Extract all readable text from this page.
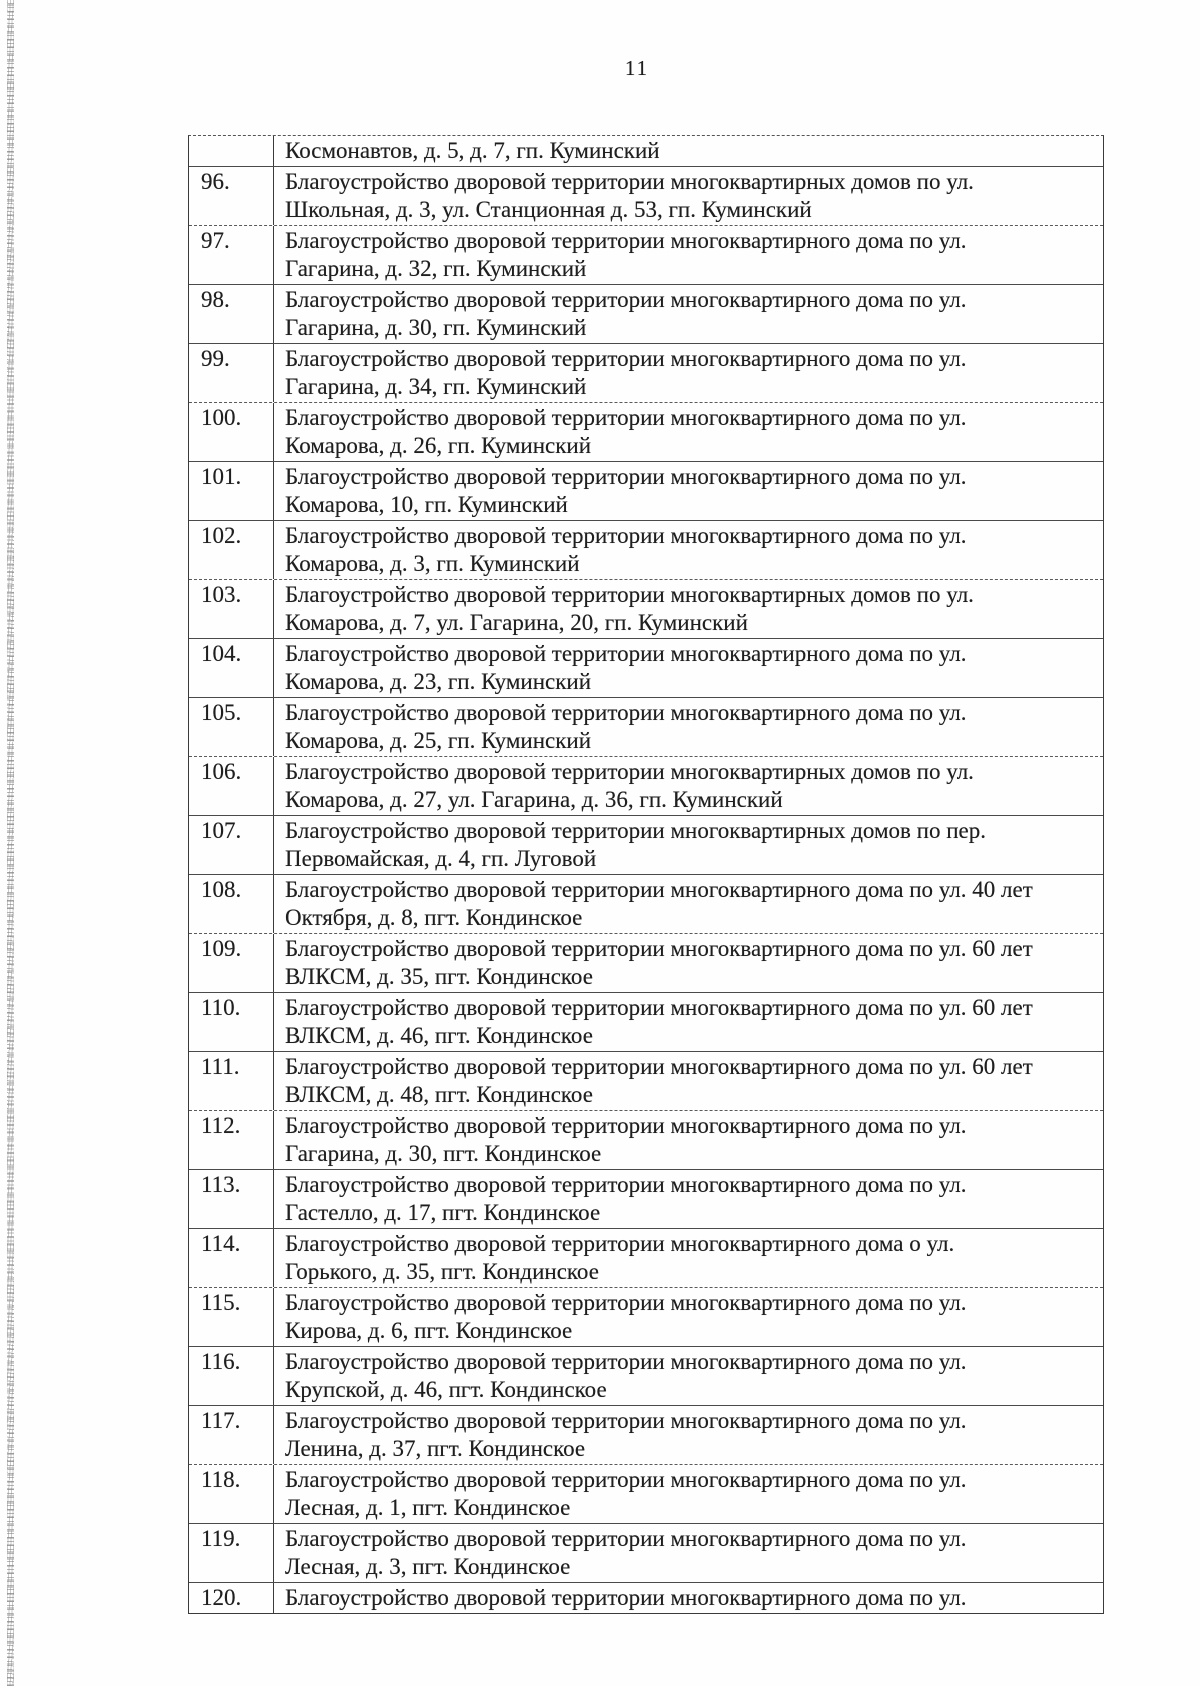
11
Космонавтов, д. 5, д. 7, гп. Куминский
96.	Благоустройство дворовой территории многоквартирных домов по ул.
Школьная, д. 3, ул. Станционная д. 53, гп. Куминский
97.	Благоустройство дворовой территории многоквартирного дома по ул.
Гагарина, д. 32, гп. Куминский
98.	Благоустройство дворовой территории многоквартирного дома по ул.
Гагарина, д. 30, гп. Куминский
99.	Благоустройство дворовой территории многоквартирного дома по ул.
Гагарина, д. 34, гп. Куминский
100.	Благоустройство дворовой территории многоквартирного дома по ул.
Комарова, д. 26, гп. Куминский
101.	Благоустройство дворовой территории многоквартирного дома по ул.
Комарова, 10, гп. Куминский
102.	Благоустройство дворовой территории многоквартирного дома по ул.
Комарова, д. 3, гп. Куминский
103.	Благоустройство дворовой территории многоквартирных домов по ул.
Комарова, д. 7, ул. Гагарина, 20, гп. Куминский
104.	Благоустройство дворовой территории многоквартирного дома по ул.
Комарова, д. 23, гп. Куминский
105.	Благоустройство дворовой территории многоквартирного дома по ул.
Комарова, д. 25, гп. Куминский
106.	Благоустройство дворовой территории многоквартирных домов по ул.
Комарова, д. 27, ул. Гагарина, д. 36, гп. Куминский
107.	Благоустройство дворовой территории многоквартирных домов по пер.
Первомайская, д. 4, гп. Луговой
108.	Благоустройство дворовой территории многоквартирного дома по ул. 40 лет
Октября, д. 8, пгт. Кондинское
109.	Благоустройство дворовой территории многоквартирного дома по ул. 60 лет
ВЛКСМ, д. 35, пгт. Кондинское
110.	Благоустройство дворовой территории многоквартирного дома по ул. 60 лет
ВЛКСМ, д. 46, пгт. Кондинское
111.	Благоустройство дворовой территории многоквартирного дома по ул. 60 лет
ВЛКСМ, д. 48, пгт. Кондинское
112.	Благоустройство дворовой территории многоквартирного дома по ул.
Гагарина, д. 30, пгт. Кондинское
113.	Благоустройство дворовой территории многоквартирного дома по ул.
Гастелло, д. 17, пгт. Кондинское
114.	Благоустройство дворовой территории многоквартирного дома о ул.
Горького, д. 35, пгт. Кондинское
115.	Благоустройство дворовой территории многоквартирного дома по ул.
Кирова, д. 6, пгт. Кондинское
116.	Благоустройство дворовой территории многоквартирного дома по ул.
Крупской, д. 46, пгт. Кондинское
117.	Благоустройство дворовой территории многоквартирного дома по ул.
Ленина, д. 37, пгт. Кондинское
118.	Благоустройство дворовой территории многоквартирного дома по ул.
Лесная, д. 1, пгт. Кондинское
119.	Благоустройство дворовой территории многоквартирного дома по ул.
Лесная, д. 3, пгт. Кондинское
120.	Благоустройство дворовой территории многоквартирного дома по ул.
